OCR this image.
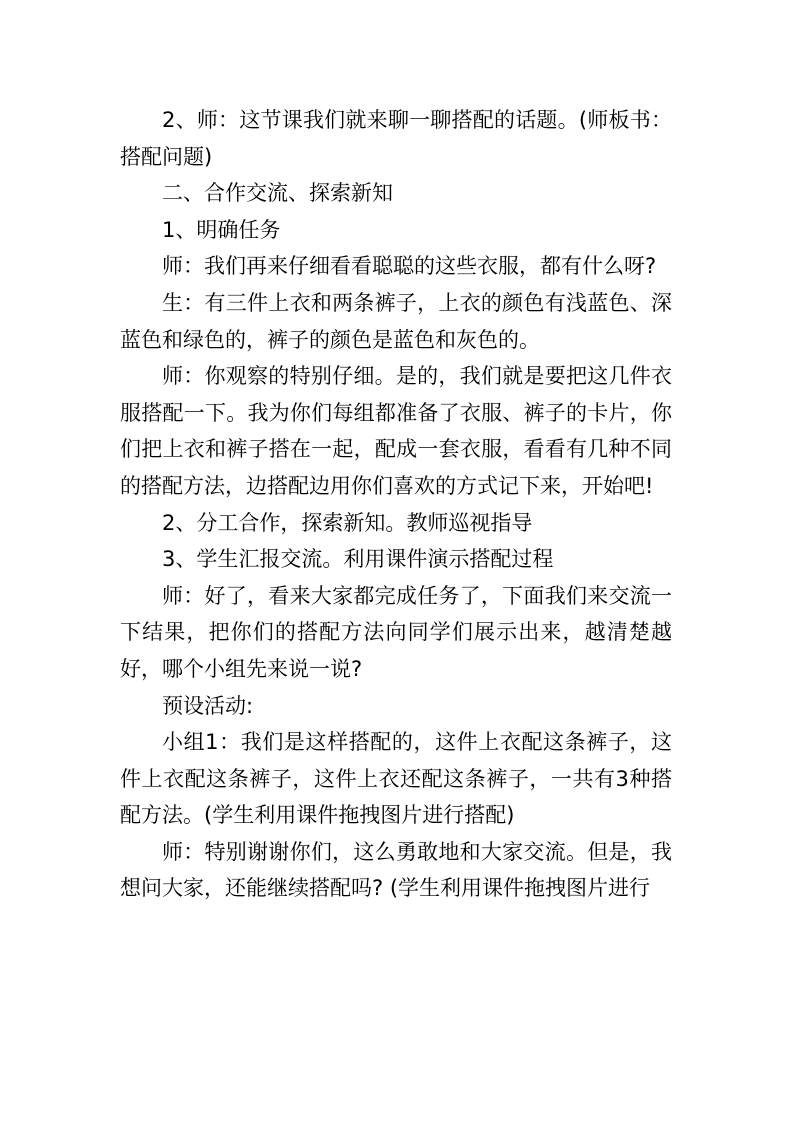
2、师：这节课我们就来聊一聊搭配的话题。(师板书：搭配问题)

二、合作交流、探索新知

1、明确任务

师：我们再来仔细看看聪聪的这些衣服，都有什么呀?

生：有三件上衣和两条裤子，上衣的颜色有浅蓝色、深蓝色和绿色的，裤子的颜色是蓝色和灰色的。

师：你观察的特别仔细。是的，我们就是要把这几件衣服搭配一下。我为你们每组都准备了衣服、裤子的卡片，你们把上衣和裤子搭在一起，配成一套衣服，看看有几种不同的搭配方法，边搭配边用你们喜欢的方式记下来，开始吧!

2、分工合作，探索新知。教师巡视指导

3、学生汇报交流。利用课件演示搭配过程

师：好了，看来大家都完成任务了，下面我们来交流一下结果，把你们的搭配方法向同学们展示出来，越清楚越好，哪个小组先来说一说?

预设活动:

小组1：我们是这样搭配的，这件上衣配这条裤子，这件上衣配这条裤子，这件上衣还配这条裤子，一共有3种搭配方法。(学生利用课件拖拽图片进行搭配)

师：特别谢谢你们，这么勇敢地和大家交流。但是，我想问大家，还能继续搭配吗? (学生利用课件拖拽图片进行
